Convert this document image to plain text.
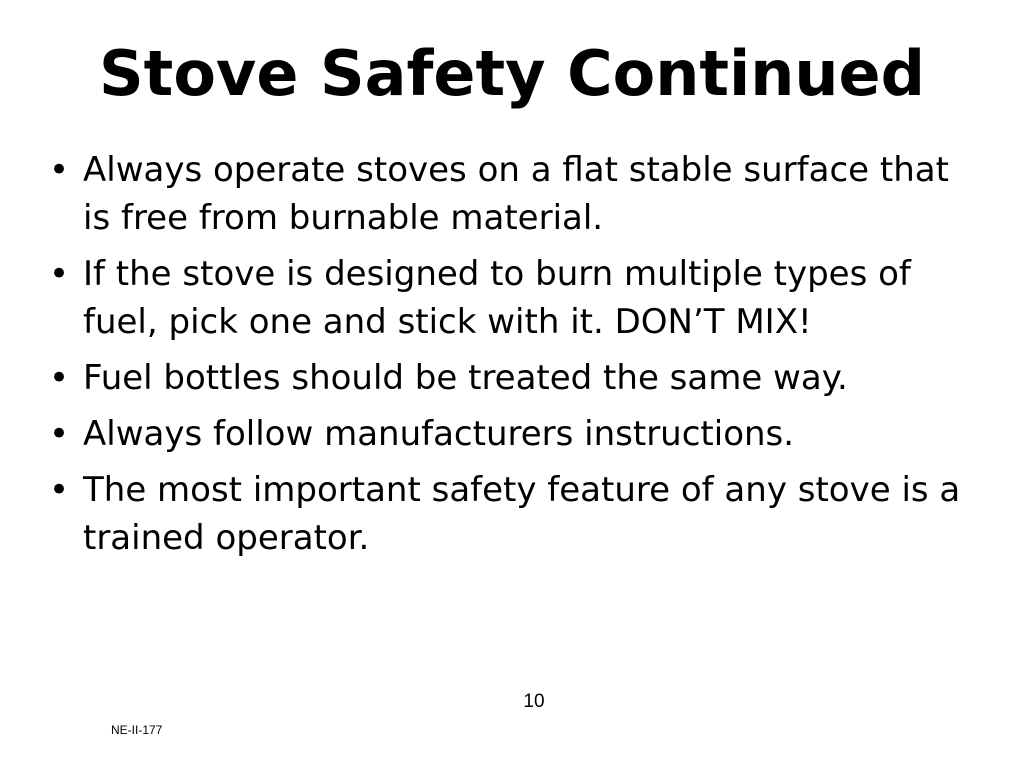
Stove Safety Continued
• Always operate stoves on a flat stable surface that is free from burnable material.
• If the stove is designed to burn multiple types of fuel, pick one and stick with it. DON’T MIX!
• Fuel bottles should be treated the same way.
• Always follow manufacturers instructions.
• The most important safety feature of any stove is a trained operator.
10
NE-II-177
